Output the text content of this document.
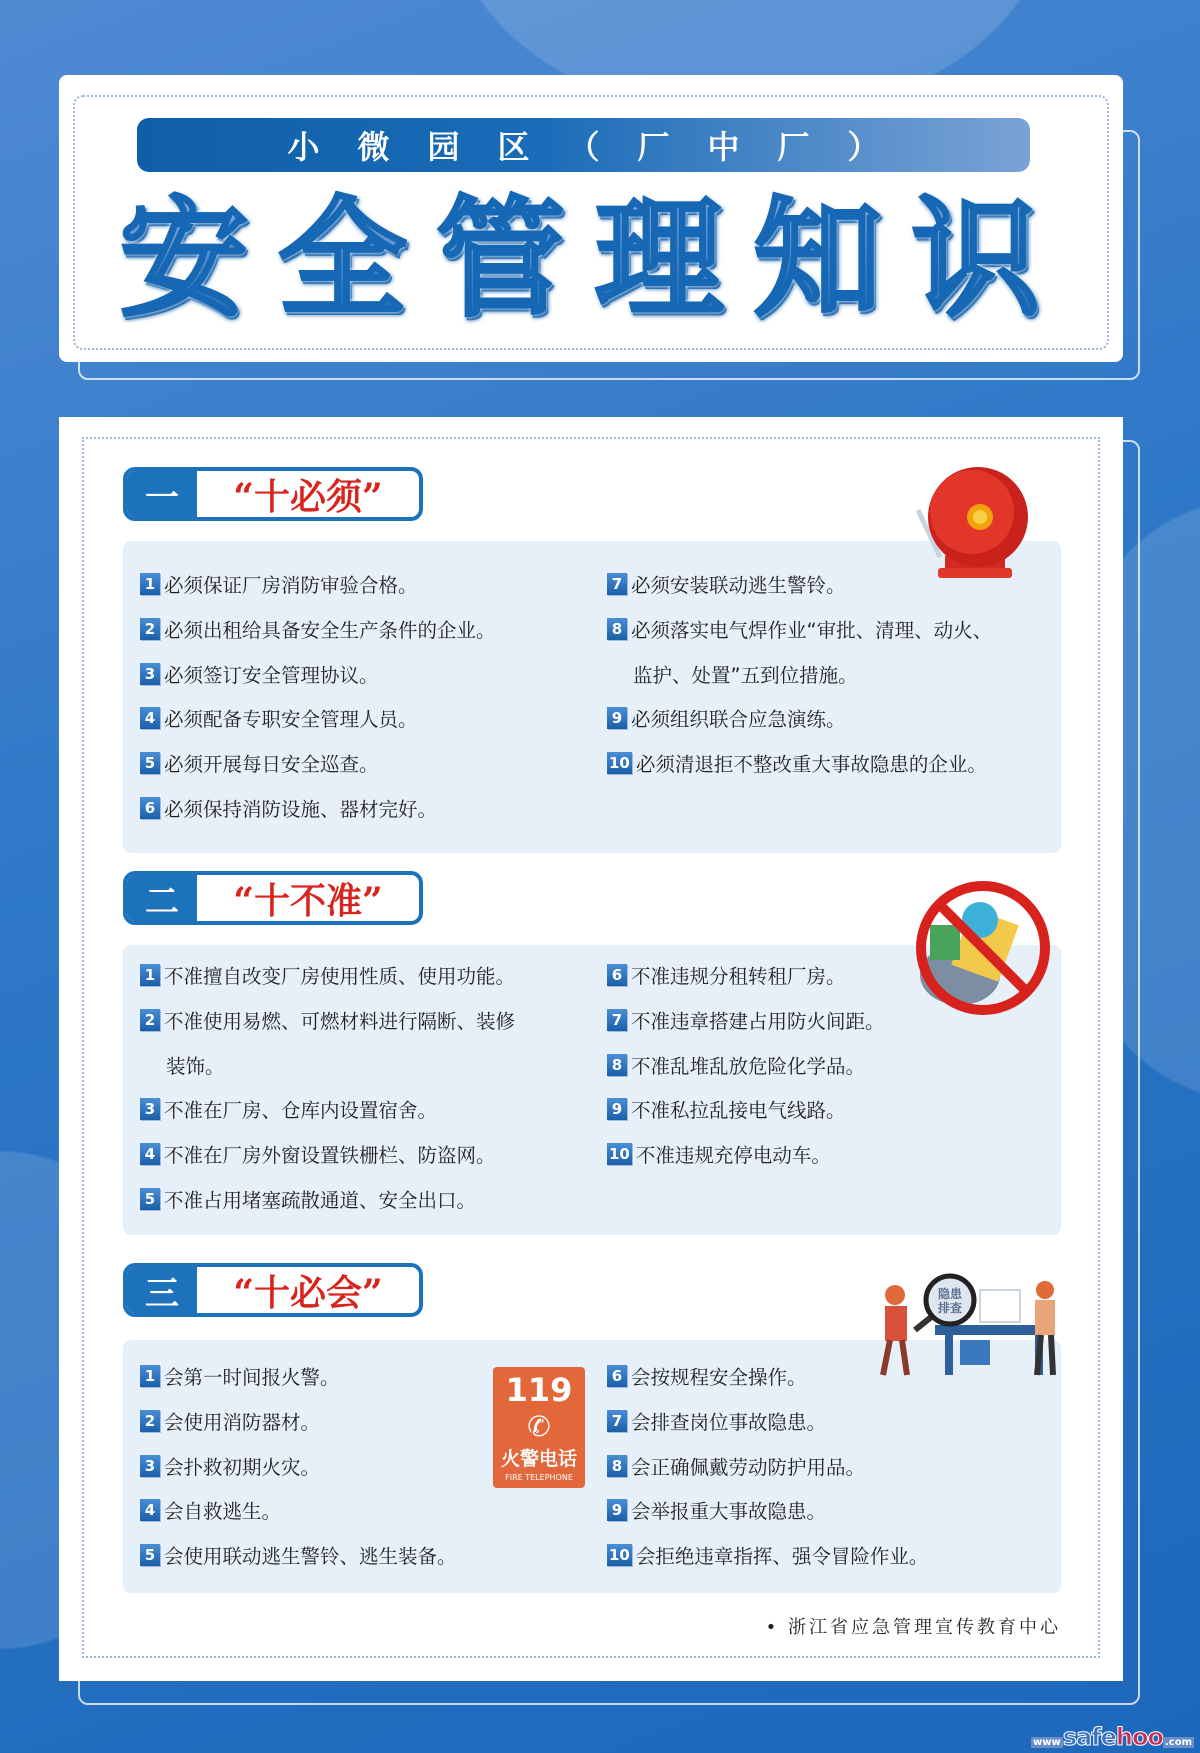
小微园区（厂中厂）
安 全 管 理 知 识
一	“十必须”
1 必须保证厂房消防审验合格。
2 必须出租给具备安全生产条件的企业。
3 必须签订安全管理协议。
4 必须配备专职安全管理人员。
5 必须开展每日安全巡查。
6 必须保持消防设施、器材完好。
7 必须安装联动逃生警铃。
8 必须落实电气焊作业“审批、清理、动火、
监护、处置”五到位措施。
9 必须组织联合应急演练。
10 必须清退拒不整改重大事故隐患的企业。
二	“十不准”
1 不准擅自改变厂房使用性质、使用功能。
2 不准使用易燃、可燃材料进行隔断、装修
装饰。
3 不准在厂房、仓库内设置宿舍。
4 不准在厂房外窗设置铁栅栏、防盗网。
5 不准占用堵塞疏散通道、安全出口。
6 不准违规分租转租厂房。
7 不准违章搭建占用防火间距。
8 不准乱堆乱放危险化学品。
9 不准私拉乱接电气线路。
10 不准违规充停电动车。
三	“十必会”
1 会第一时间报火警。
2 会使用消防器材。
3 会扑救初期火灾。
4 会自救逃生。
5 会使用联动逃生警铃、逃生装备。
6 会按规程安全操作。
7 会排查岗位事故隐患。
8 会正确佩戴劳动防护用品。
9 会举报重大事故隐患。
10 会拒绝违章指挥、强令冒险作业。
隐患排查
119
✆
火警电话
FIRE TELEPHONE
• 浙江省应急管理宣传教育中心
wwwsafehoo .com
